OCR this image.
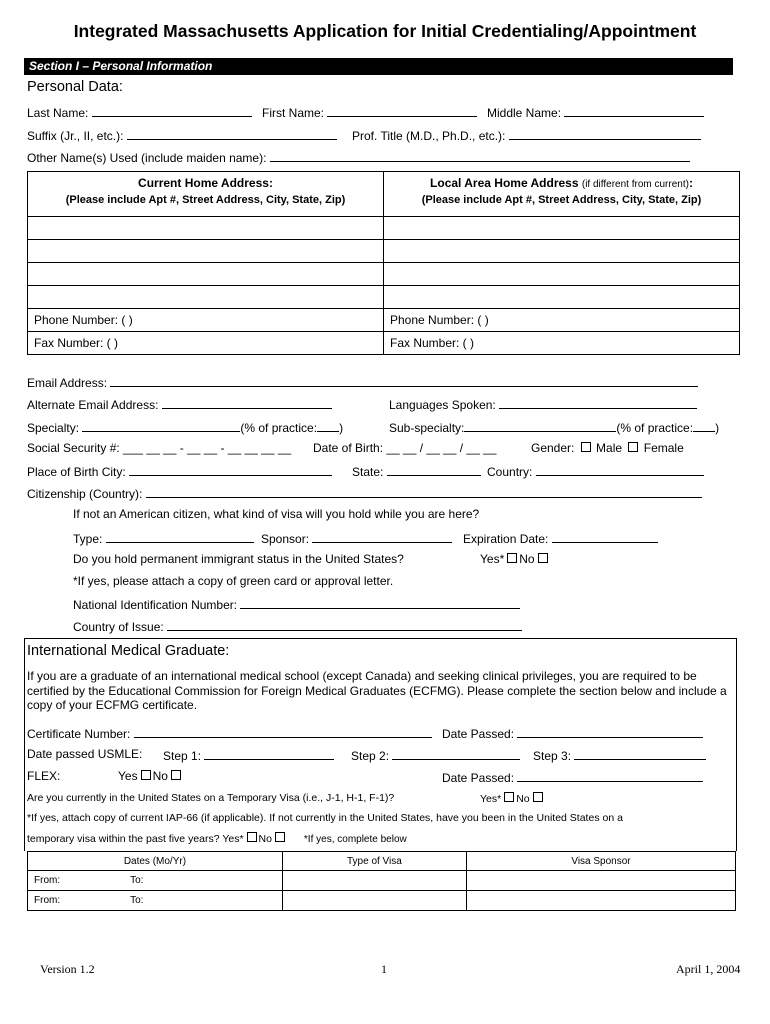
Integrated Massachusetts Application for Initial Credentialing/Appointment
Section I – Personal Information
Personal Data:
Last Name:	First Name:	Middle Name:
Suffix (Jr., II, etc.):	Prof. Title (M.D., Ph.D., etc.):
Other Name(s) Used (include maiden name):
Current Home Address:	Local Area Home Address (if different from current):
(Please include Apt #, Street Address, City, State, Zip)	(Please include Apt #, Street Address, City, State, Zip)

Phone Number: ( )	Phone Number: ( )
Fax Number: ( )	Fax Number: ( )
Email Address:
Alternate Email Address:	Languages Spoken:
Specialty:	(% of practice: )	Sub-specialty:	(% of practice: )
Social Security #: ___ __ __ - __ __ - __ __ __ __ Date of Birth: __ __ / __ __ / __ __	Gender: Male Female
Place of Birth City:	State:	Country:
Citizenship (Country):
If not an American citizen, what kind of visa will you hold while you are here?
Type:	Sponsor:	Expiration Date:
Do you hold permanent immigrant status in the United States?	Yes* No
*If yes, please attach a copy of green card or approval letter.
National Identification Number:
Country of Issue:
International Medical Graduate:
If you are a graduate of an international medical school (except Canada) and seeking clinical privileges, you are required to be certified by the Educational Commission for Foreign Medical Graduates (ECFMG). Please complete the section below and include a copy of your ECFMG certificate.
Certificate Number:	Date Passed:
Date passed USMLE: Step 1:	Step 2:	Step 3:
FLEX:	Yes No	Date Passed:
Are you currently in the United States on a Temporary Visa (i.e., J-1, H-1, F-1)?	Yes* No
*If yes, attach copy of current IAP-66 (if applicable). If not currently in the United States, have you been in the United States on a
temporary visa within the past five years? Yes* No	*If yes, complete below
Dates (Mo/Yr)	Type of Visa	Visa Sponsor
From: To:		
From: To:		
Version 1.2	1	April 1, 2004
